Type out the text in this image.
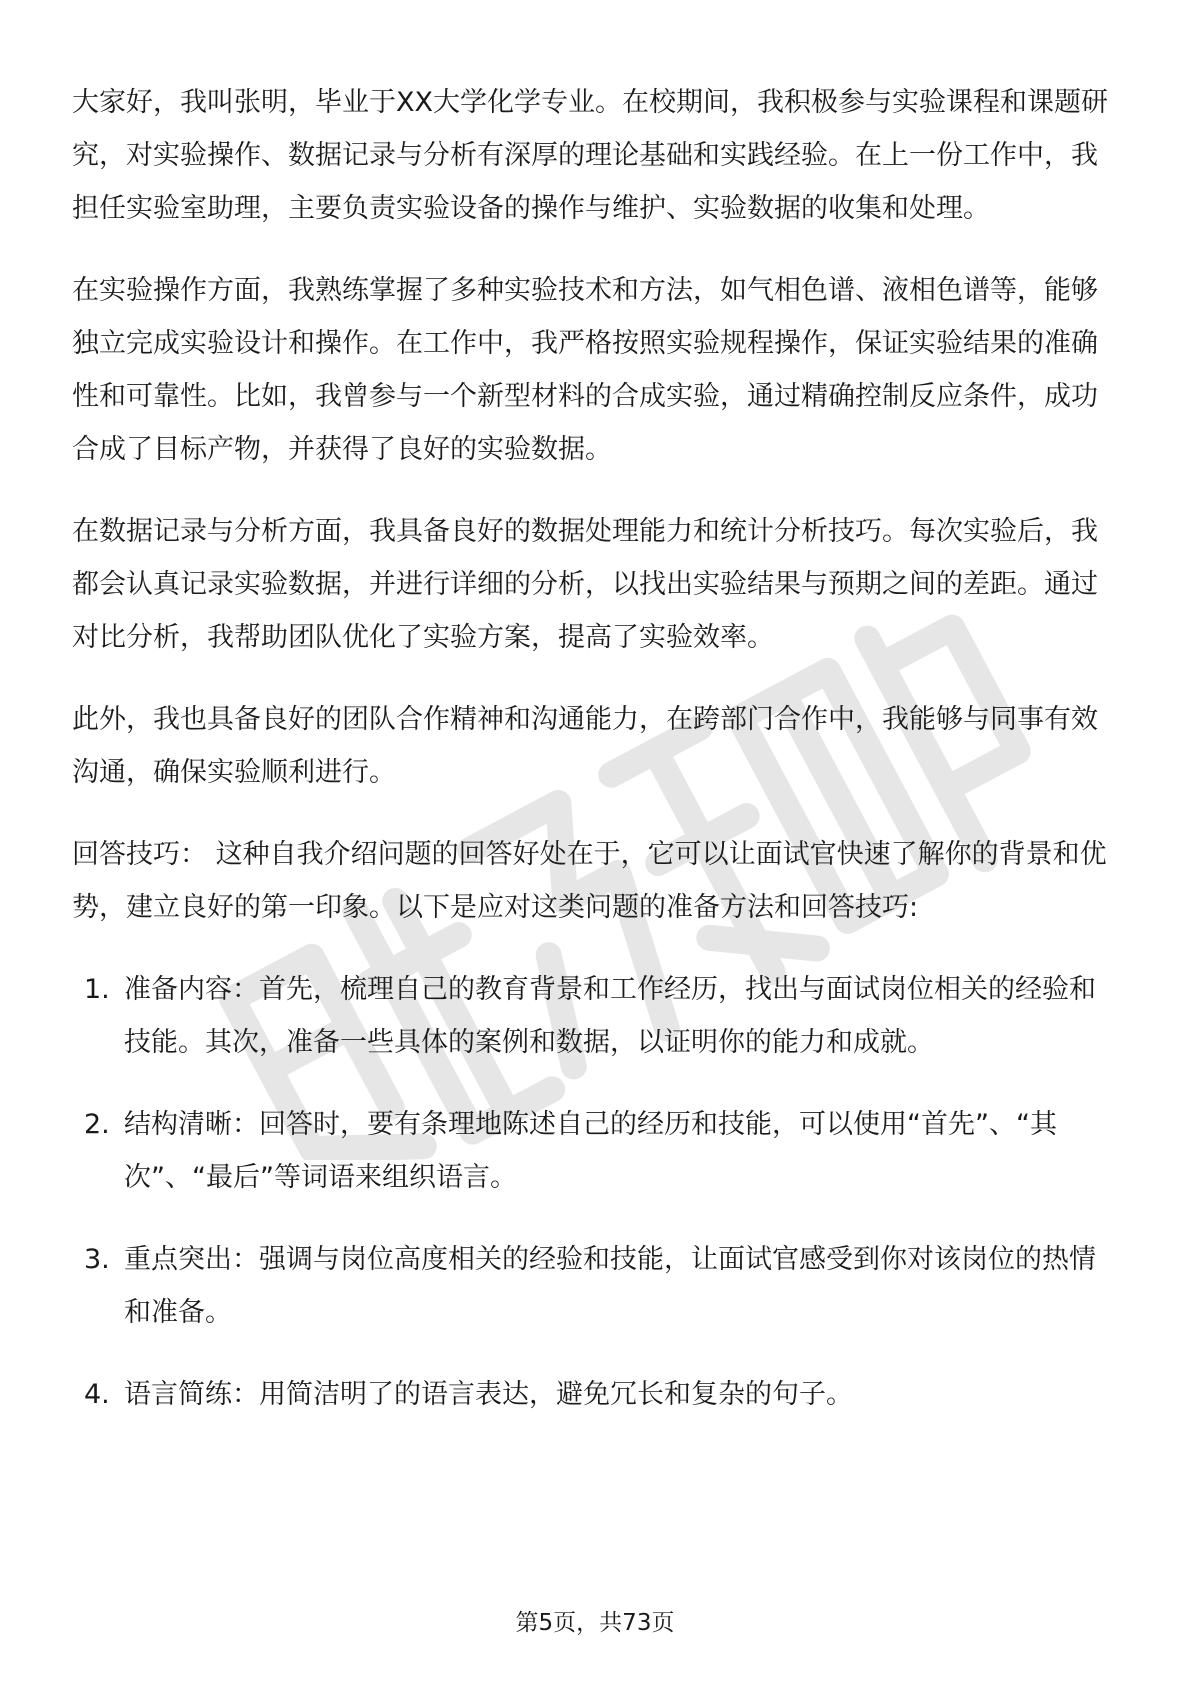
大家好，我叫张明，毕业于XX大学化学专业。在校期间，我积极参与实验课程和课题研究，对实验操作、数据记录与分析有深厚的理论基础和实践经验。在上一份工作中，我担任实验室助理，主要负责实验设备的操作与维护、实验数据的收集和处理。

在实验操作方面，我熟练掌握了多种实验技术和方法，如气相色谱、液相色谱等，能够独立完成实验设计和操作。在工作中，我严格按照实验规程操作，保证实验结果的准确性和可靠性。比如，我曾参与一个新型材料的合成实验，通过精确控制反应条件，成功合成了目标产物，并获得了良好的实验数据。

在数据记录与分析方面，我具备良好的数据处理能力和统计分析技巧。每次实验后，我都会认真记录实验数据，并进行详细的分析，以找出实验结果与预期之间的差距。通过对比分析，我帮助团队优化了实验方案，提高了实验效率。

此外，我也具备良好的团队合作精神和沟通能力，在跨部门合作中，我能够与同事有效沟通，确保实验顺利进行。

回答技巧： 这种自我介绍问题的回答好处在于，它可以让面试官快速了解你的背景和优势，建立良好的第一印象。以下是应对这类问题的准备方法和回答技巧:

1. 准备内容：首先，梳理自己的教育背景和工作经历，找出与面试岗位相关的经验和技能。其次，准备一些具体的案例和数据，以证明你的能力和成就。
2. 结构清晰：回答时，要有条理地陈述自己的经历和技能，可以使用“首先”、“其次”、“最后”等词语来组织语言。
3. 重点突出：强调与岗位高度相关的经验和技能，让面试官感受到你对该岗位的热情和准备。
4. 语言简练：用简洁明了的语言表达，避免冗长和复杂的句子。
第5页，共73页
